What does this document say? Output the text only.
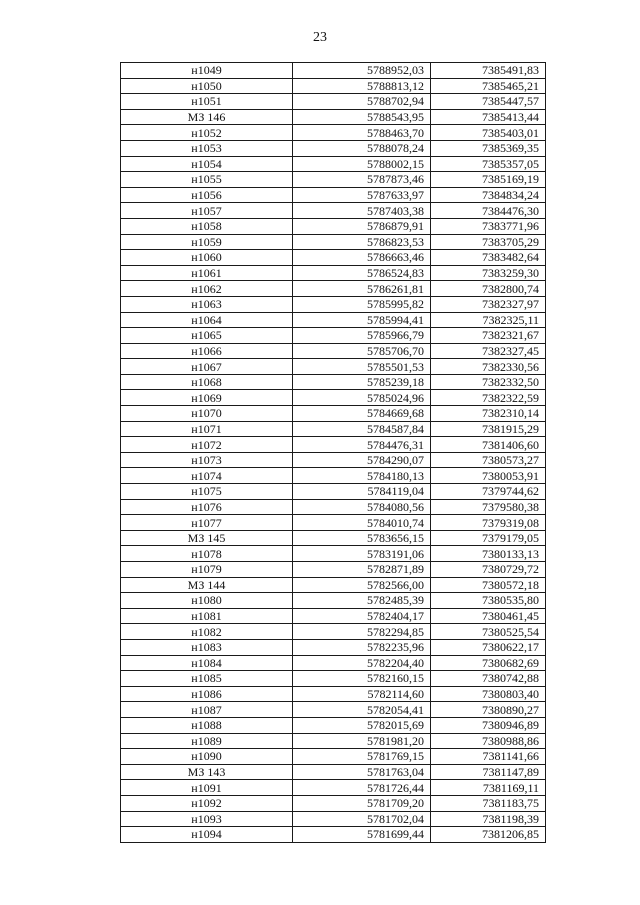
23
н1049	5788952,03	7385491,83
н1050	5788813,12	7385465,21
н1051	5788702,94	7385447,57
МЗ 146	5788543,95	7385413,44
н1052	5788463,70	7385403,01
н1053	5788078,24	7385369,35
н1054	5788002,15	7385357,05
н1055	5787873,46	7385169,19
н1056	5787633,97	7384834,24
н1057	5787403,38	7384476,30
н1058	5786879,91	7383771,96
н1059	5786823,53	7383705,29
н1060	5786663,46	7383482,64
н1061	5786524,83	7383259,30
н1062	5786261,81	7382800,74
н1063	5785995,82	7382327,97
н1064	5785994,41	7382325,11
н1065	5785966,79	7382321,67
н1066	5785706,70	7382327,45
н1067	5785501,53	7382330,56
н1068	5785239,18	7382332,50
н1069	5785024,96	7382322,59
н1070	5784669,68	7382310,14
н1071	5784587,84	7381915,29
н1072	5784476,31	7381406,60
н1073	5784290,07	7380573,27
н1074	5784180,13	7380053,91
н1075	5784119,04	7379744,62
н1076	5784080,56	7379580,38
н1077	5784010,74	7379319,08
МЗ 145	5783656,15	7379179,05
н1078	5783191,06	7380133,13
н1079	5782871,89	7380729,72
МЗ 144	5782566,00	7380572,18
н1080	5782485,39	7380535,80
н1081	5782404,17	7380461,45
н1082	5782294,85	7380525,54
н1083	5782235,96	7380622,17
н1084	5782204,40	7380682,69
н1085	5782160,15	7380742,88
н1086	5782114,60	7380803,40
н1087	5782054,41	7380890,27
н1088	5782015,69	7380946,89
н1089	5781981,20	7380988,86
н1090	5781769,15	7381141,66
МЗ 143	5781763,04	7381147,89
н1091	5781726,44	7381169,11
н1092	5781709,20	7381183,75
н1093	5781702,04	7381198,39
н1094	5781699,44	7381206,85
